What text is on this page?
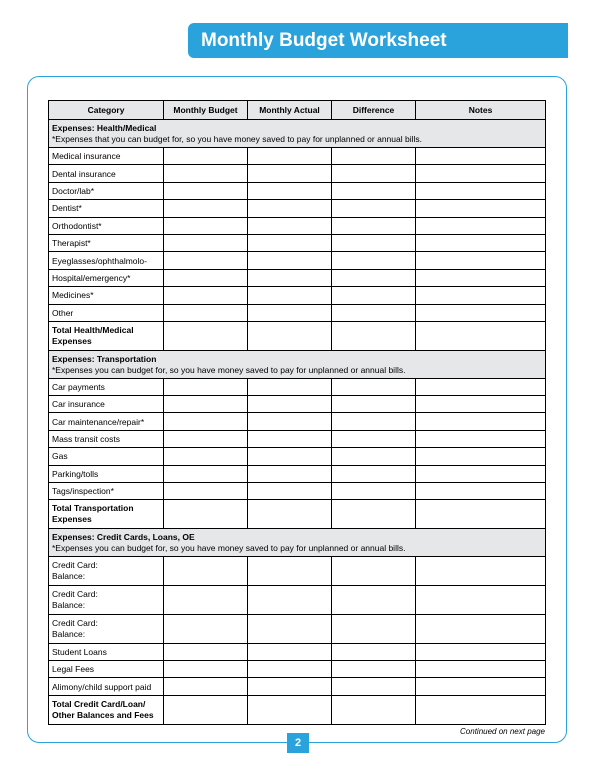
Monthly Budget Worksheet
Category	Monthly Budget	Monthly Actual	Difference	Notes

Expenses: Health/Medical
*Expenses that you can budget for, so you have money saved to pay for unplanned or annual bills.				

Medical insurance				

Dental insurance				

Doctor/lab*				

Dentist*				

Orthodontist*				

Therapist*				

Eyeglasses/ophthalmolo-				

Hospital/emergency*				

Medicines*				

Other				

Total Health/Medical
Expenses				

Expenses: Transportation
*Expenses you can budget for, so you have money saved to pay for unplanned or annual bills.				

Car payments				

Car insurance				

Car maintenance/repair*				

Mass transit costs				

Gas				

Parking/tolls				

Tags/inspection*				

Total Transportation
Expenses				

Expenses: Credit Cards, Loans, OE
*Expenses you can budget for, so you have money saved to pay for unplanned or annual bills.				

Credit Card:
Balance:				

Credit Card:
Balance:				

Credit Card:
Balance:				

Student Loans				

Legal Fees				

Alimony/child support paid				

Total Credit Card/Loan/
Other Balances and Fees				

Continued on next page
2
